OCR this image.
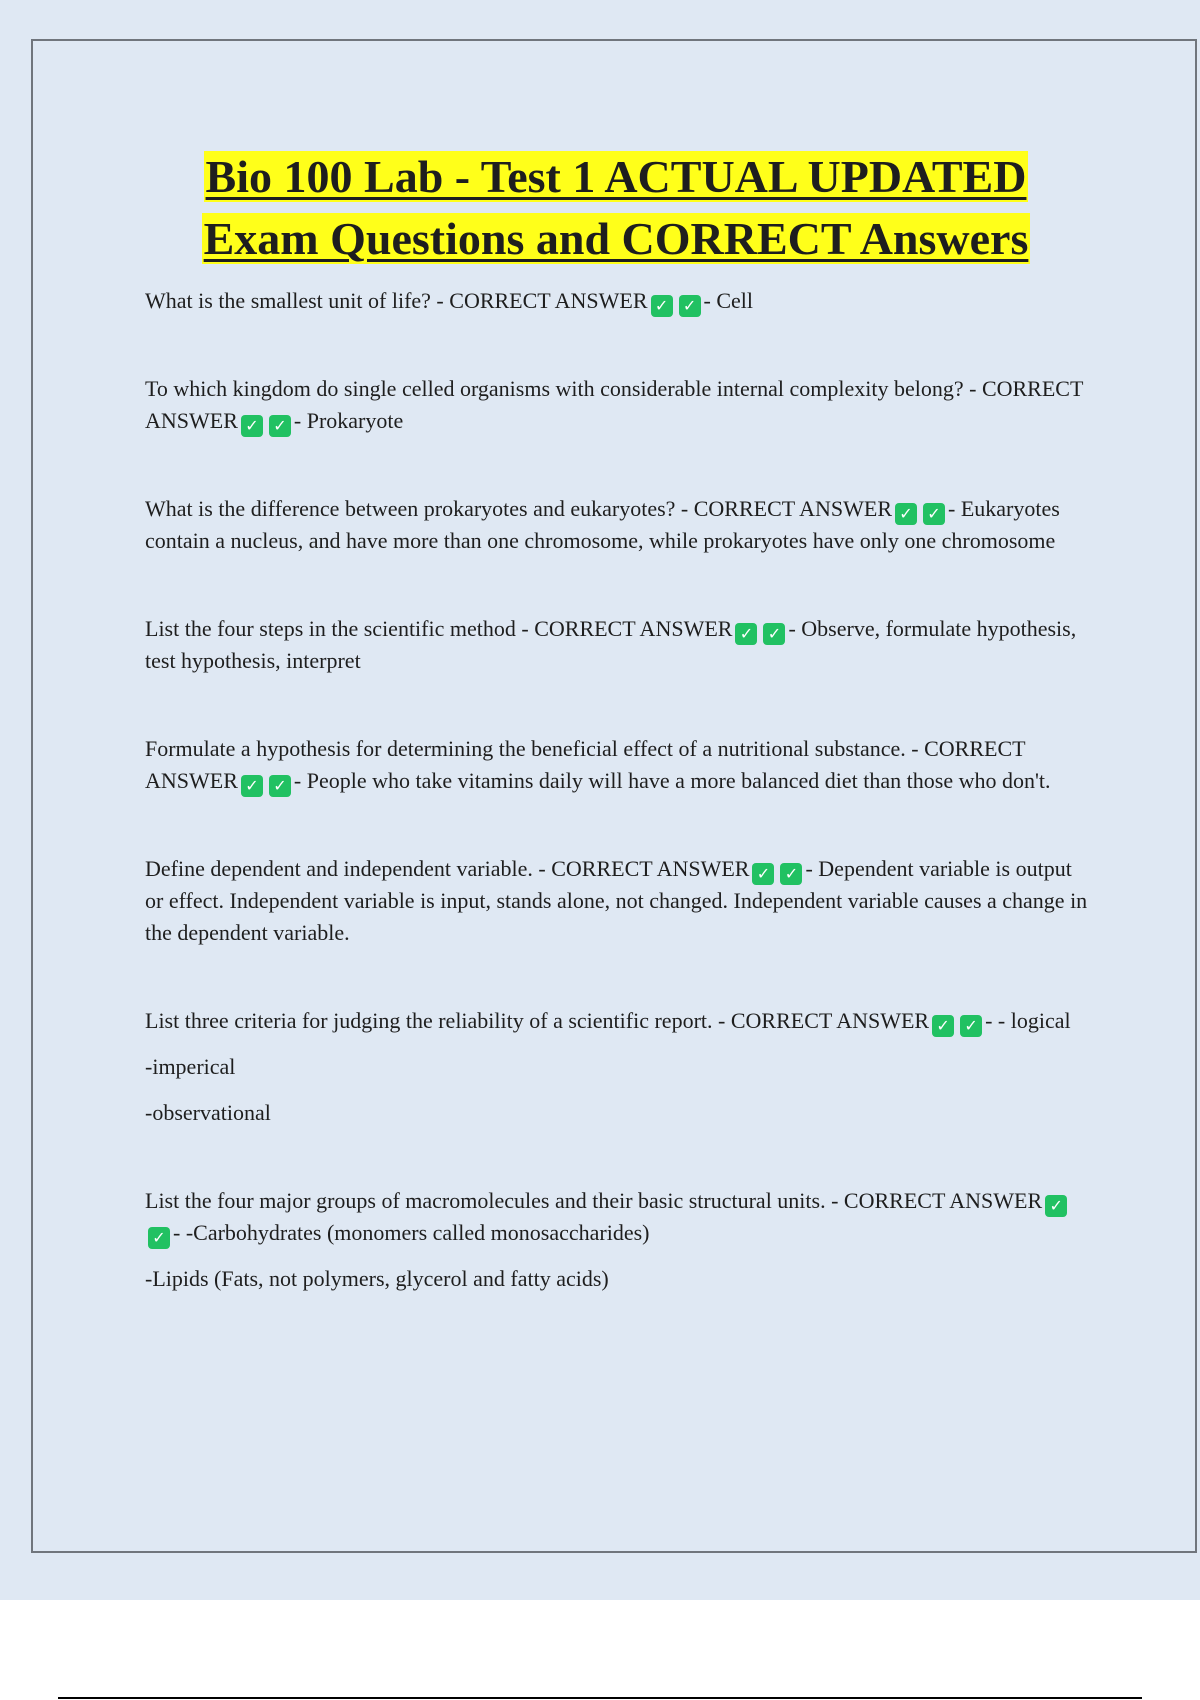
Bio 100 Lab - Test 1 ACTUAL UPDATED
Exam Questions and CORRECT Answers

What is the smallest unit of life? - CORRECT ANSWER ✓ ✓ - Cell

To which kingdom do single celled organisms with considerable internal complexity belong? - CORRECT ANSWER ✓ ✓ - Prokaryote

What is the difference between prokaryotes and eukaryotes? - CORRECT ANSWER ✓ ✓ - Eukaryotes contain a nucleus, and have more than one chromosome, while prokaryotes have only one chromosome

List the four steps in the scientific method - CORRECT ANSWER ✓ ✓ - Observe, formulate hypothesis, test hypothesis, interpret

Formulate a hypothesis for determining the beneficial effect of a nutritional substance. - CORRECT ANSWER ✓ ✓ - People who take vitamins daily will have a more balanced diet than those who don't.

Define dependent and independent variable. - CORRECT ANSWER ✓ ✓ - Dependent variable is output or effect. Independent variable is input, stands alone, not changed. Independent variable causes a change in the dependent variable.

List three criteria for judging the reliability of a scientific report. - CORRECT ANSWER ✓ ✓ - - logical

-imperical

-observational

List the four major groups of macromolecules and their basic structural units. - CORRECT ANSWER ✓✓ - -Carbohydrates (monomers called monosaccharides)

-Lipids (Fats, not polymers, glycerol and fatty acids)
